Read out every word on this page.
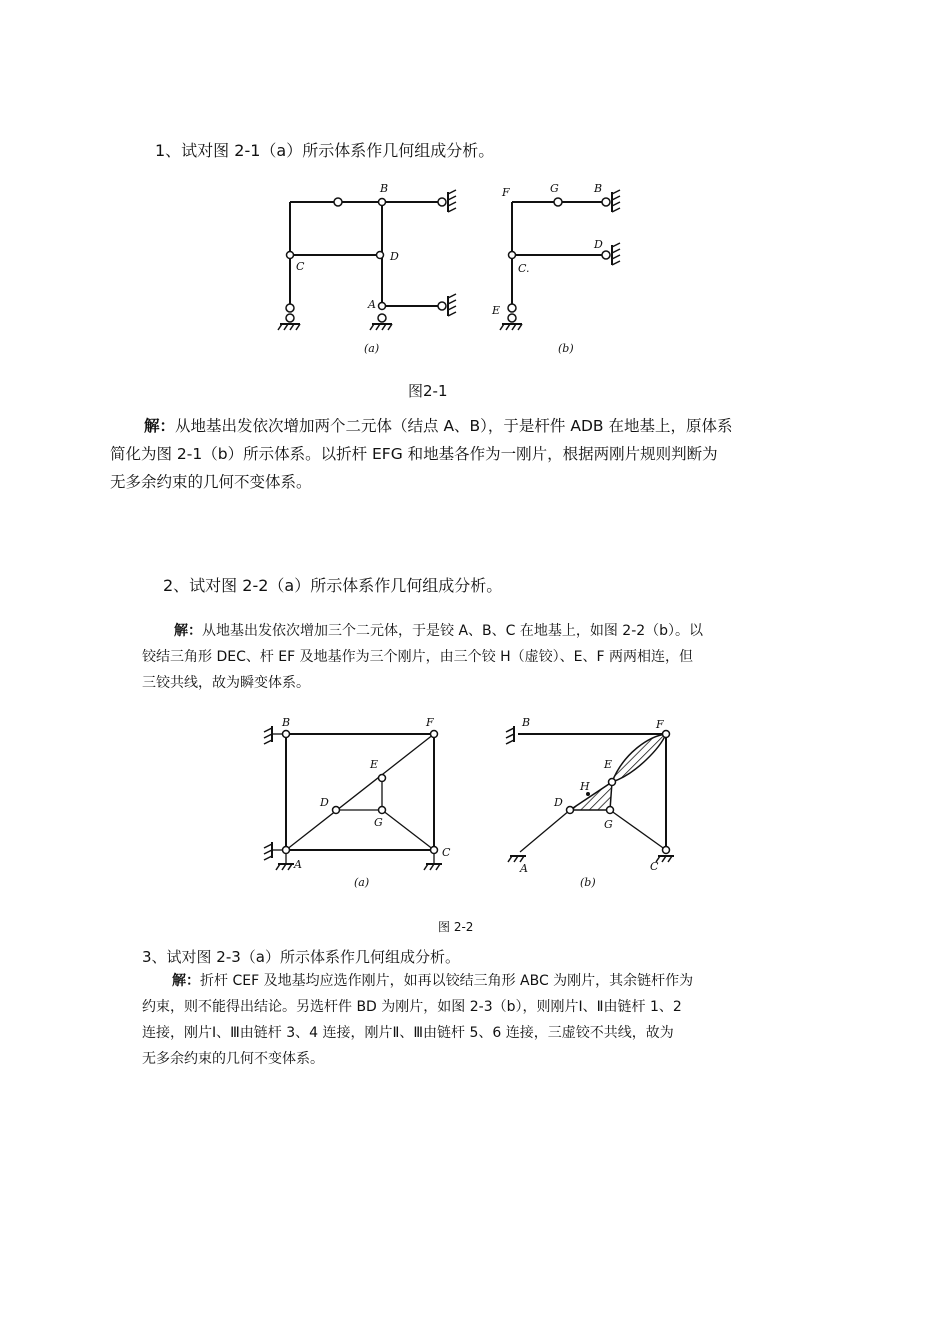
1、试对图 2-1（a）所示体系作几何组成分析。

B
C
D
A
(a)
F	G	B
D
C.
E
(b)
图2-1
解：从地基出发依次增加两个二元体（结点 A、B），于是杆件 ADB 在地基上，原体系
简化为图 2-1（b）所示体系。以折杆 EFG 和地基各作为一刚片，根据两刚片规则判断为
无多余约束的几何不变体系。

2、试对图 2-2（a）所示体系作几何组成分析。

解：从地基出发依次增加三个二元体，于是铰 A、B、C 在地基上，如图 2-2（b）。以
铰结三角形 DEC、杆 EF 及地基作为三个刚片，由三个铰 H（虚铰）、E、F 两两相连，但
三铰共线，故为瞬变体系。
B	F
E
D
G
A
C
(a)
B	F
E
H
D
G
A	C
(b)
图 2-2

3、试对图 2-3（a）所示体系作几何组成分析。

解：折杆 CEF 及地基均应选作刚片，如再以铰结三角形 ABC 为刚片，其余链杆作为
约束，则不能得出结论。另选杆件 BD 为刚片，如图 2-3（b），则刚片Ⅰ、Ⅱ由链杆 1、2
连接，刚片Ⅰ、Ⅲ由链杆 3、4 连接，刚片Ⅱ、Ⅲ由链杆 5、6 连接，三虚铰不共线，故为
无多余约束的几何不变体系。
